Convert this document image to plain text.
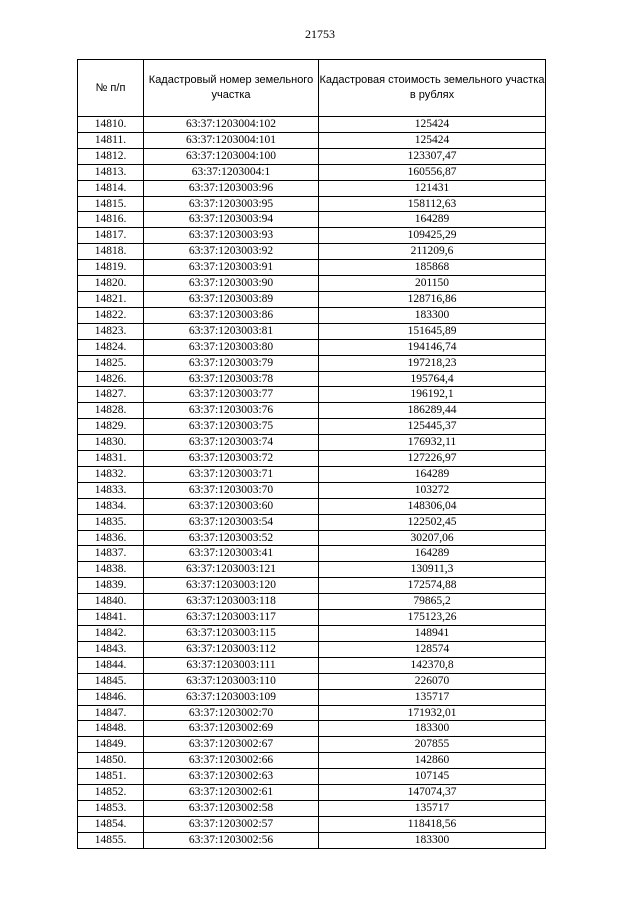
21753
№ п/п	Кадастровый номер земельного участка	Кадастровая стоимость земельного участка в рублях
14810.	63:37:1203004:102	125424
14811.	63:37:1203004:101	125424
14812.	63:37:1203004:100	123307,47
14813.	63:37:1203004:1	160556,87
14814.	63:37:1203003:96	121431
14815.	63:37:1203003:95	158112,63
14816.	63:37:1203003:94	164289
14817.	63:37:1203003:93	109425,29
14818.	63:37:1203003:92	211209,6
14819.	63:37:1203003:91	185868
14820.	63:37:1203003:90	201150
14821.	63:37:1203003:89	128716,86
14822.	63:37:1203003:86	183300
14823.	63:37:1203003:81	151645,89
14824.	63:37:1203003:80	194146,74
14825.	63:37:1203003:79	197218,23
14826.	63:37:1203003:78	195764,4
14827.	63:37:1203003:77	196192,1
14828.	63:37:1203003:76	186289,44
14829.	63:37:1203003:75	125445,37
14830.	63:37:1203003:74	176932,11
14831.	63:37:1203003:72	127226,97
14832.	63:37:1203003:71	164289
14833.	63:37:1203003:70	103272
14834.	63:37:1203003:60	148306,04
14835.	63:37:1203003:54	122502,45
14836.	63:37:1203003:52	30207,06
14837.	63:37:1203003:41	164289
14838.	63:37:1203003:121	130911,3
14839.	63:37:1203003:120	172574,88
14840.	63:37:1203003:118	79865,2
14841.	63:37:1203003:117	175123,26
14842.	63:37:1203003:115	148941
14843.	63:37:1203003:112	128574
14844.	63:37:1203003:111	142370,8
14845.	63:37:1203003:110	226070
14846.	63:37:1203003:109	135717
14847.	63:37:1203002:70	171932,01
14848.	63:37:1203002:69	183300
14849.	63:37:1203002:67	207855
14850.	63:37:1203002:66	142860
14851.	63:37:1203002:63	107145
14852.	63:37:1203002:61	147074,37
14853.	63:37:1203002:58	135717
14854.	63:37:1203002:57	118418,56
14855.	63:37:1203002:56	183300
